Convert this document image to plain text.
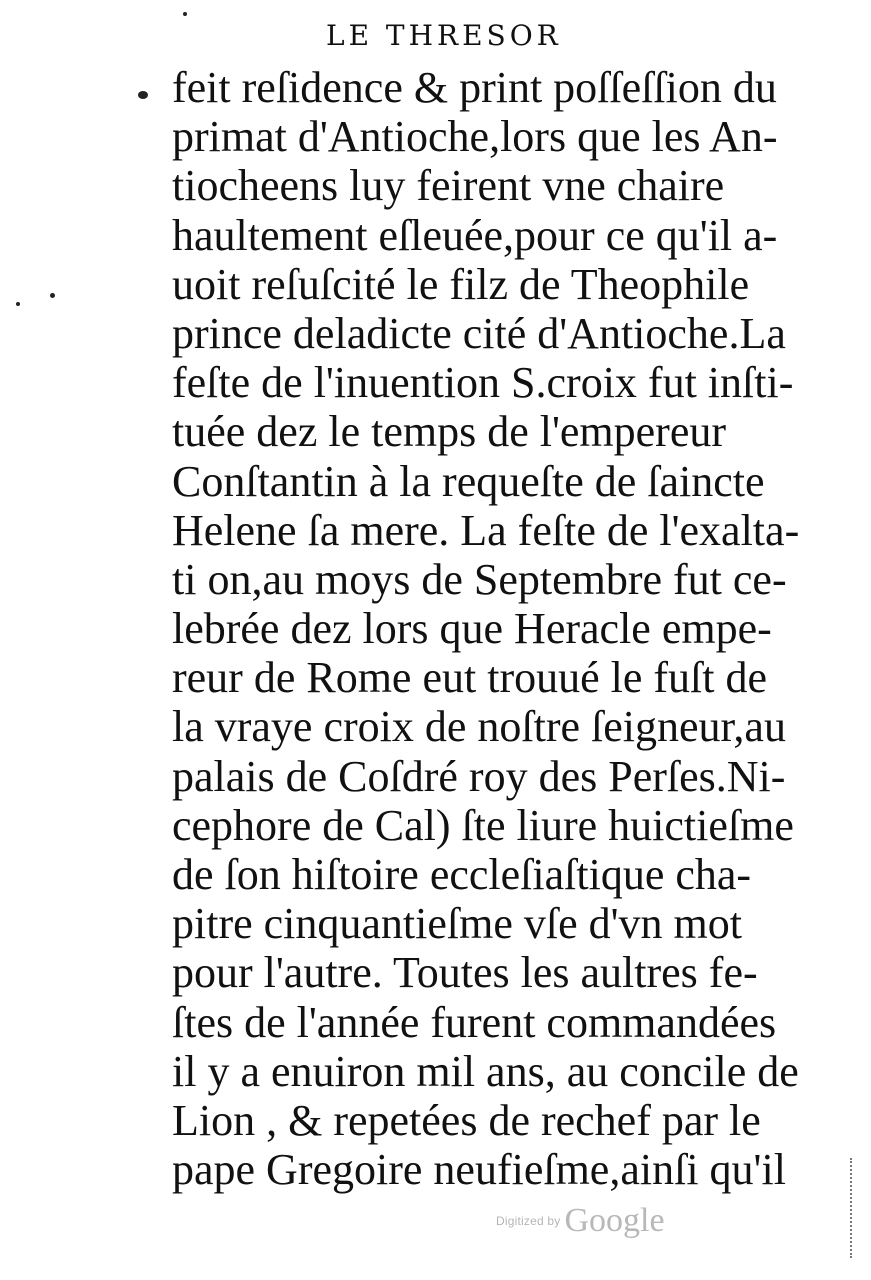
LE THRESOR
feit reſidence & print poſſeſſion du
primat d'Antioche,lors que les An-
tiocheens luy feirent vne chaire
haultement eſleuée,pour ce qu'il a-
uoit reſuſcité le filz de Theophile
prince deladicte cité d'Antioche.La
feſte de l'inuention S.croix fut inſti-
tuée dez le temps de l'empereur
Conſtantin à la requeſte de ſaincte
Helene ſa mere. La feſte de l'exalta-
ti on,au moys de Septembre fut ce-
lebrée dez lors que Heracle empe-
reur de Rome eut trouué le fuſt de
la vraye croix de noſtre ſeigneur,au
palais de Coſdré roy des Perſes.Ni-
cephore de Cal) ſte liure huictieſme
de ſon hiſtoire eccleſiaſtique cha-
pitre cinquantieſme vſe d'vn mot
pour l'autre. Toutes les aultres fe-
ſtes de l'année furent commandées
il y a enuiron mil ans, au concile de
Lion , & repetées de rechef par le
pape Gregoire neufieſme,ainſi qu'il
Digitized by Google
